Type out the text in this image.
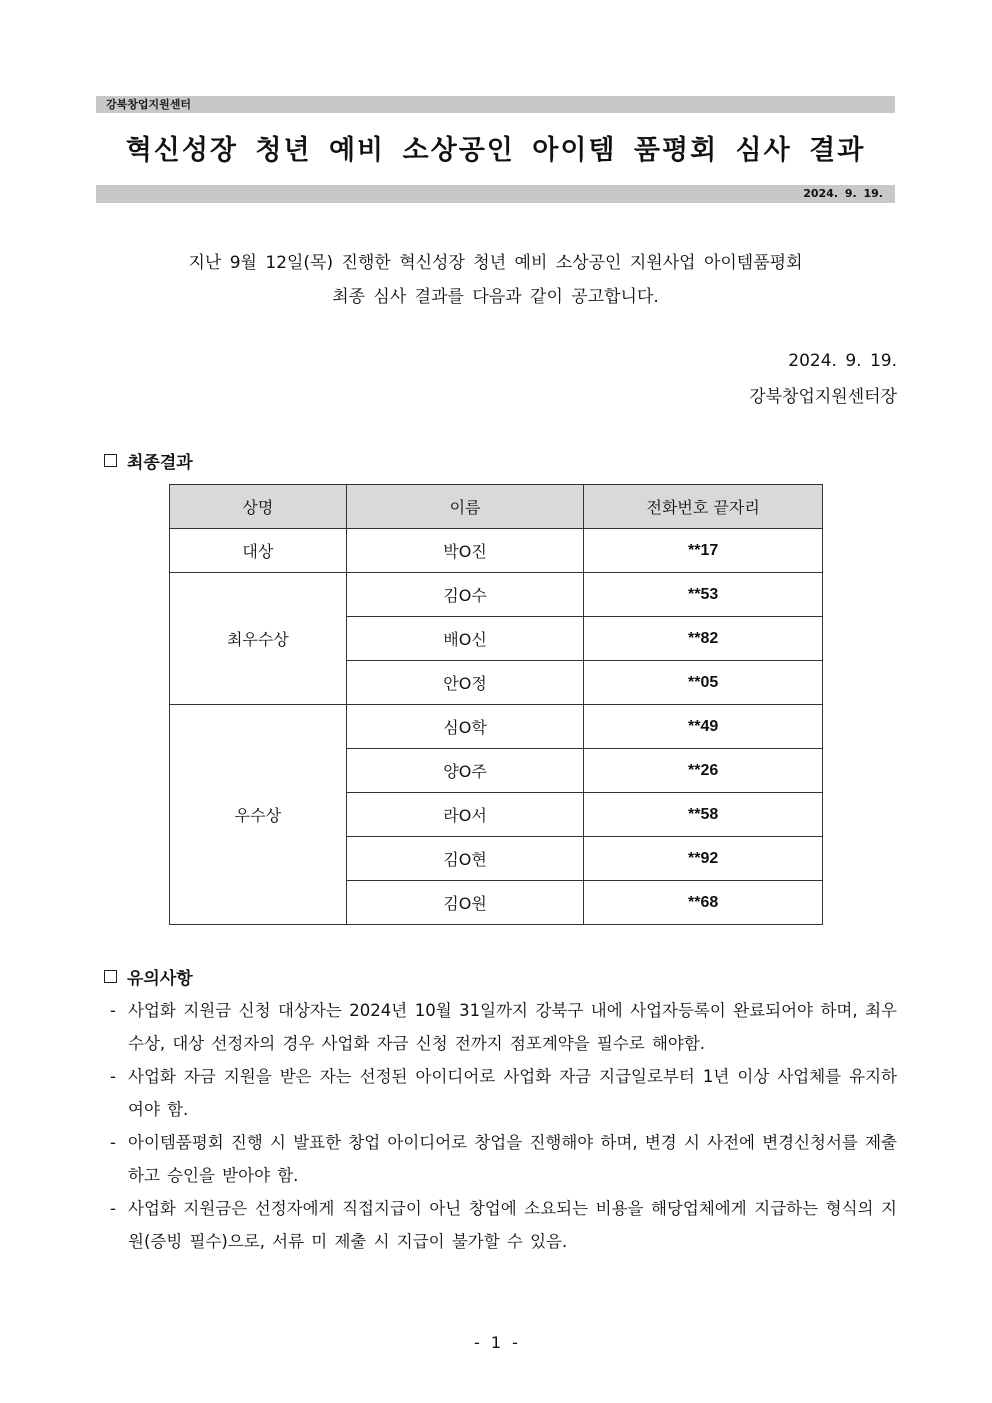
강북창업지원센터
혁신성장 청년 예비 소상공인 아이템 품평회 심사 결과
2024. 9. 19.
지난 9월 12일(목) 진행한 혁신성장 청년 예비 소상공인 지원사업 아이템품평회
최종 심사 결과를 다음과 같이 공고합니다.
2024. 9. 19.
강북창업지원센터장
최종결과
상명	이름	전화번호 끝자리
대상	박O진	**17
최우수상	김O수	**53
	배O신	**82
	안O정	**05
우수상	심O학	**49
	양O주	**26
	라O서	**58
	김O현	**92
	김O원	**68
유의사항
- 사업화 지원금 신청 대상자는 2024년 10월 31일까지 강북구 내에 사업자등록이 완료되어야 하며, 최우수상, 대상 선정자의 경우 사업화 자금 신청 전까지 점포계약을 필수로 해야함.
- 사업화 자금 지원을 받은 자는 선정된 아이디어로 사업화 자금 지급일로부터 1년 이상 사업체를 유지하여야 함.
- 아이템품평회 진행 시 발표한 창업 아이디어로 창업을 진행해야 하며, 변경 시 사전에 변경신청서를 제출하고 승인을 받아야 함.
- 사업화 지원금은 선정자에게 직접지급이 아닌 창업에 소요되는 비용을 해당업체에게 지급하는 형식의 지원(증빙 필수)으로, 서류 미 제출 시 지급이 불가할 수 있음.
- 1 -
